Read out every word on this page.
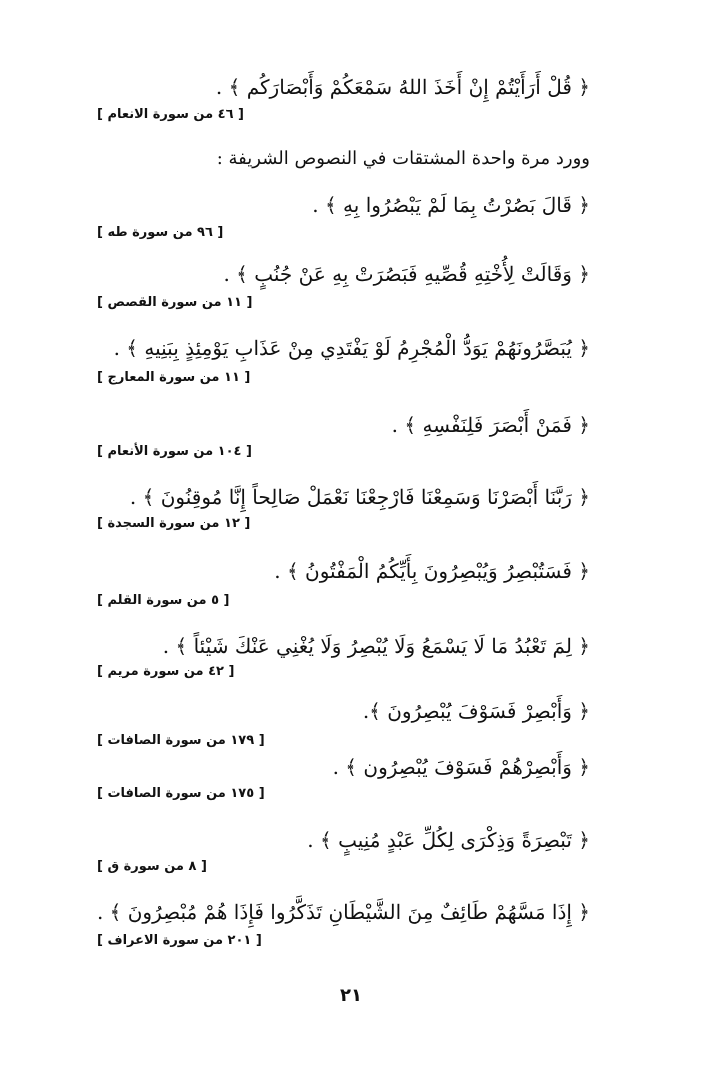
﴿ قُلْ أَرَأَيْتُمْ إِنْ أَخَذَ اللهُ سَمْعَكُمْ وَأَبْصَارَكُم ﴾ .
[ ٤٦ من سورة الانعام ]
وورد مرة واحدة المشتقات في النصوص الشريفة :
﴿ قَالَ بَصُرْتُ بِمَا لَمْ يَبْصُرُوا بِهِ ﴾ .
[ ٩٦ من سورة طه ]
﴿ وَقَالَتْ لِأُخْتِهِ قُصِّيهِ فَبَصُرَتْ بِهِ عَنْ جُنُبٍ ﴾ .
[ ١١ من سورة القصص ]
﴿ يُبَصَّرُونَهُمْ يَوَدُّ الْمُجْرِمُ لَوْ يَفْتَدِي مِنْ عَذَابِ يَوْمِئِذٍ بِبَنِيهِ ﴾ .
[ ١١ من سورة المعارج ]
﴿ فَمَنْ أَبْصَرَ فَلِنَفْسِهِ ﴾ .
[ ١٠٤ من سورة الأنعام ]
﴿ رَبَّنَا أَبْصَرْنَا وَسَمِعْنَا فَارْجِعْنَا نَعْمَلْ صَالِحاً إِنَّا مُوقِنُونَ ﴾ .
[ ١٢ من سورة السجدة ]
﴿ فَسَتُبْصِرُ وَيُبْصِرُونَ بِأَيِّكُمُ الْمَفْتُونُ ﴾ .
[ ٥ من سورة القلم ]
﴿ لِمَ تَعْبُدُ مَا لَا يَسْمَعُ وَلَا يُبْصِرُ وَلَا يُغْنِي عَنْكَ شَيْئاً ﴾ .
[ ٤٢ من سورة مريم ]
﴿ وَأَبْصِرْ فَسَوْفَ يُبْصِرُونَ ﴾.
[ ١٧٩ من سورة الصافات ]
﴿ وَأَبْصِرْهُمْ فَسَوْفَ يُبْصِرُون ﴾ .
[ ١٧٥ من سورة الصافات ]
﴿ تَبْصِرَةً وَذِكْرَى لِكُلِّ عَبْدٍ مُنِيبٍ ﴾ .
[ ٨ من سورة ق ]
﴿ إِذَا مَسَّهُمْ طَائِفٌ مِنَ الشَّيْطَانِ تَذَكَّرُوا فَإِذَا هُمْ مُبْصِرُونَ ﴾ .
[ ٢٠١ من سورة الاعراف ]
٢١
